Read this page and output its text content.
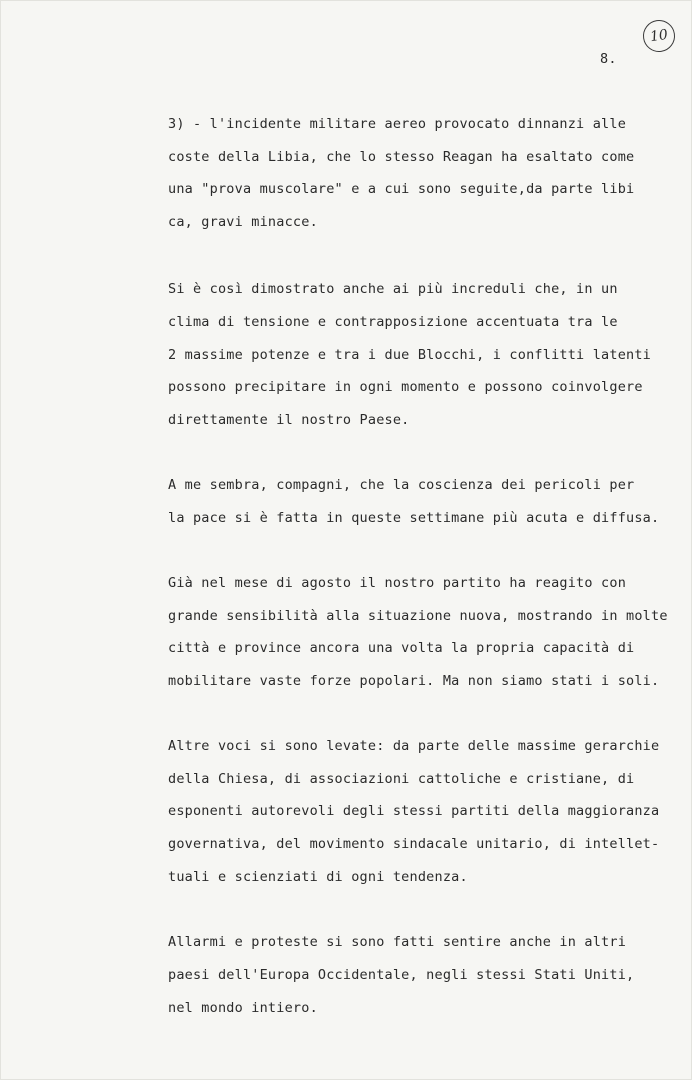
10
8.
3) - l'incidente militare aereo provocato dinnanzi alle
coste della Libia, che lo stesso Reagan ha esaltato come
una "prova muscolare" e a cui sono seguite,da parte libi
ca, gravi minacce.
Si è così dimostrato anche ai più increduli che, in un
clima di tensione e contrapposizione accentuata tra le
2 massime potenze e tra i due Blocchi, i conflitti latenti
possono precipitare in ogni momento e possono coinvolgere
direttamente il nostro Paese.
A me sembra, compagni, che la coscienza dei pericoli per
la pace si è fatta in queste settimane più acuta e diffusa.
Già nel mese di agosto il nostro partito ha reagito con
grande sensibilità alla situazione nuova, mostrando in molte
città e province ancora una volta la propria capacità di
mobilitare vaste forze popolari. Ma non siamo stati i soli.
Altre voci si sono levate: da parte delle massime gerarchie
della Chiesa, di associazioni cattoliche e cristiane, di
esponenti autorevoli degli stessi partiti della maggioranza
governativa, del movimento sindacale unitario, di intellet-
tuali e scienziati di ogni tendenza.
Allarmi e proteste si sono fatti sentire anche in altri
paesi dell'Europa Occidentale, negli stessi Stati Uniti,
nel mondo intiero.
